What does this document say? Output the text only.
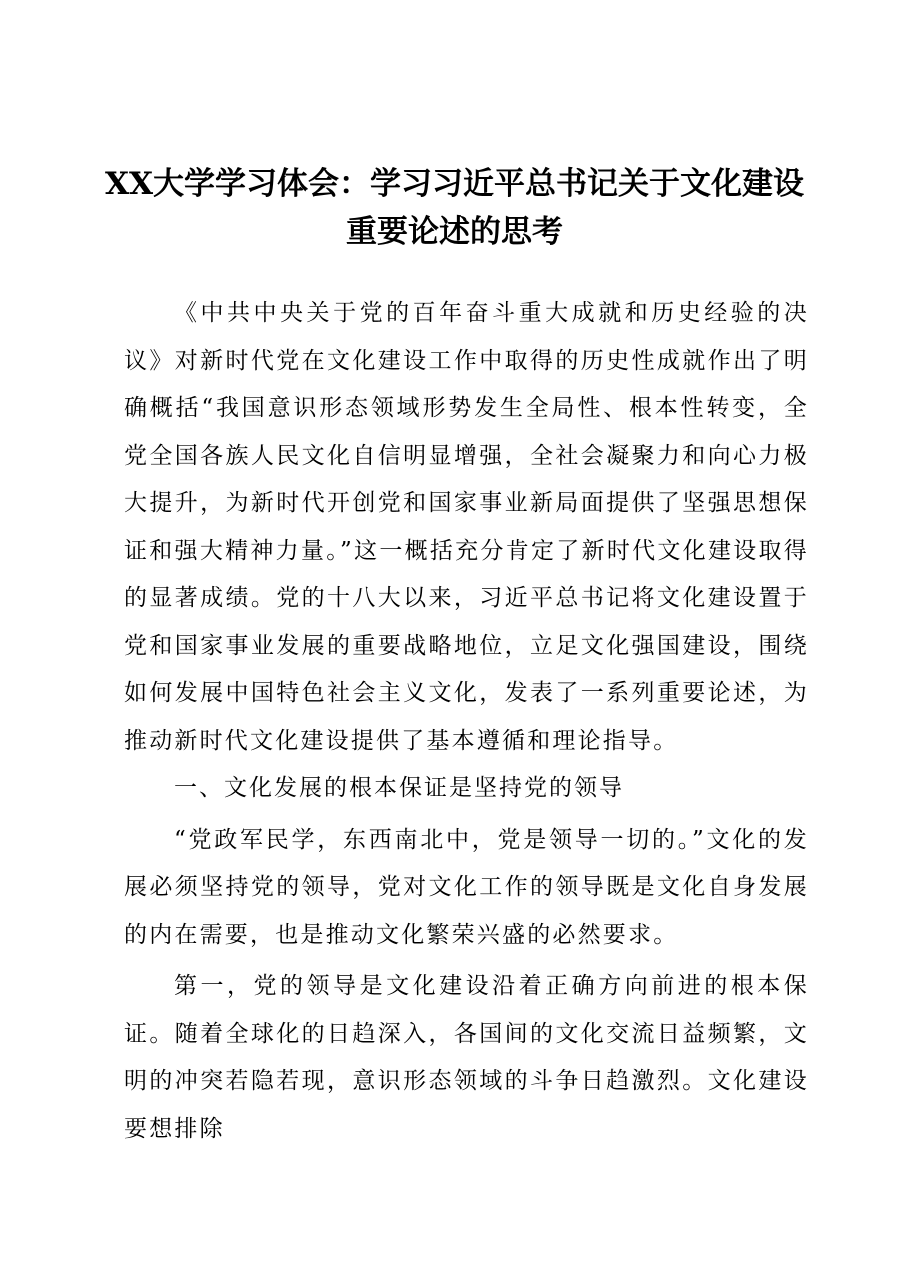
XX大学学习体会：学习习近平总书记关于文化建设
重要论述的思考

《中共中央关于党的百年奋斗重大成就和历史经验的决议》对新时代党在文化建设工作中取得的历史性成就作出了明确概括“我国意识形态领域形势发生全局性、根本性转变，全党全国各族人民文化自信明显增强，全社会凝聚力和向心力极大提升，为新时代开创党和国家事业新局面提供了坚强思想保证和强大精神力量。”这一概括充分肯定了新时代文化建设取得的显著成绩。党的十八大以来，习近平总书记将文化建设置于党和国家事业发展的重要战略地位，立足文化强国建设，围绕如何发展中国特色社会主义文化，发表了一系列重要论述，为推动新时代文化建设提供了基本遵循和理论指导。

一、文化发展的根本保证是坚持党的领导

“党政军民学，东西南北中，党是领导一切的。”文化的发展必须坚持党的领导，党对文化工作的领导既是文化自身发展的内在需要，也是推动文化繁荣兴盛的必然要求。

第一，党的领导是文化建设沿着正确方向前进的根本保证。随着全球化的日趋深入，各国间的文化交流日益频繁，文明的冲突若隐若现，意识形态领域的斗争日趋激烈。文化建设要想排除
